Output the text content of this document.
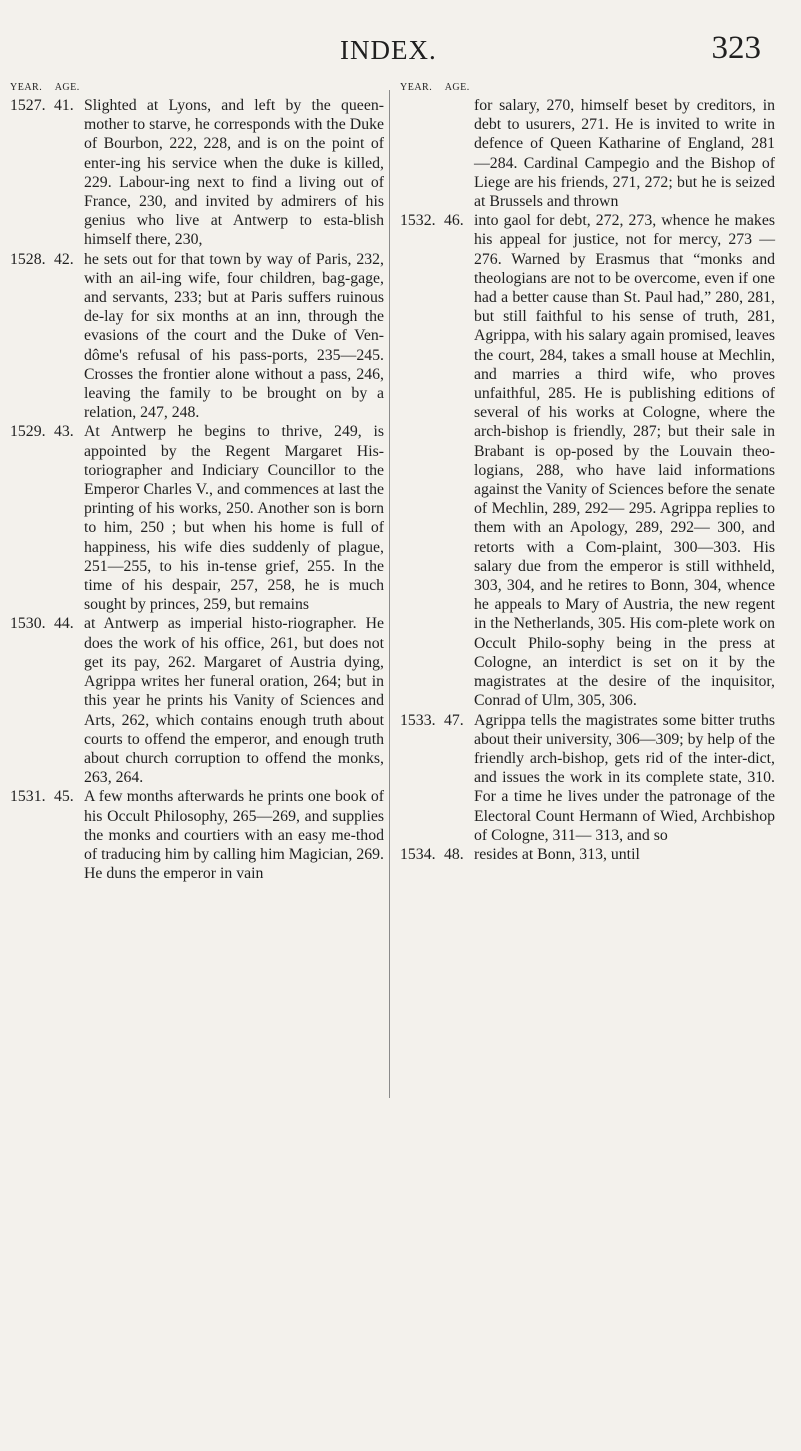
INDEX.	323
YEAR. AGE.
1527. 41. Slighted at Lyons, and left by the queen-mother to starve, he corresponds with the Duke of Bourbon, 222, 228, and is on the point of enter-ing his service when the duke is killed, 229. Labour-ing next to find a living out of France, 230, and invited by admirers of his genius who live at Antwerp to esta-blish himself there, 230,
1528. 42. he sets out for that town by way of Paris, 232, with an ail-ing wife, four children, bag-gage, and servants, 233; but at Paris suffers ruinous de-lay for six months at an inn, through the evasions of the court and the Duke of Ven-dôme's refusal of his pass-ports, 235—245. Crosses the frontier alone without a pass, 246, leaving the family to be brought on by a relation, 247, 248.
1529. 43. At Antwerp he begins to thrive, 249, is appointed by the Regent Margaret His-toriographer and Indiciary Councillor to the Emperor Charles V., and commences at last the printing of his works, 250. Another son is born to him, 250 ; but when his home is full of happiness, his wife dies suddenly of plague, 251—255, to his in-tense grief, 255. In the time of his despair, 257, 258, he is much sought by princes, 259, but remains
1530. 44. at Antwerp as imperial histo-riographer. He does the work of his office, 261, but does not get its pay, 262. Margaret of Austria dying, Agrippa writes her funeral oration, 264; but in this year he prints his Vanity of Sciences and Arts, 262, which contains enough truth about courts to offend the emperor, and enough truth about church corruption to offend the monks, 263, 264.
1531. 45. A few months afterwards he prints one book of his Occult Philosophy, 265—269, and supplies the monks and courtiers with an easy me-thod of traducing him by calling him Magician, 269. He duns the emperor in vain
YEAR. AGE.
for salary, 270, himself beset by creditors, in debt to usurers, 271. He is invited to write in defence of Queen Katharine of England, 281 —284. Cardinal Campegio and the Bishop of Liege are his friends, 271, 272; but he is seized at Brussels and thrown
1532. 46. into gaol for debt, 272, 273, whence he makes his appeal for justice, not for mercy, 273 —276. Warned by Erasmus that “monks and theologians are not to be overcome, even if one had a better cause than St. Paul had,” 280, 281, but still faithful to his sense of truth, 281, Agrippa, with his salary again promised, leaves the court, 284, takes a small house at Mechlin, and marries a third wife, who proves unfaithful, 285. He is publishing editions of several of his works at Cologne, where the arch-bishop is friendly, 287; but their sale in Brabant is op-posed by the Louvain theo-logians, 288, who have laid informations against the Vanity of Sciences before the senate of Mechlin, 289, 292— 295. Agrippa replies to them with an Apology, 289, 292— 300, and retorts with a Com-plaint, 300—303. His salary due from the emperor is still withheld, 303, 304, and he retires to Bonn, 304, whence he appeals to Mary of Austria, the new regent in the Netherlands, 305. His com-plete work on Occult Philo-sophy being in the press at Cologne, an interdict is set on it by the magistrates at the desire of the inquisitor, Conrad of Ulm, 305, 306.
1533. 47. Agrippa tells the magistrates some bitter truths about their university, 306—309; by help of the friendly arch-bishop, gets rid of the inter-dict, and issues the work in its complete state, 310. For a time he lives under the patronage of the Electoral Count Hermann of Wied, Archbishop of Cologne, 311— 313, and so
1534. 48. resides at Bonn, 313, until
